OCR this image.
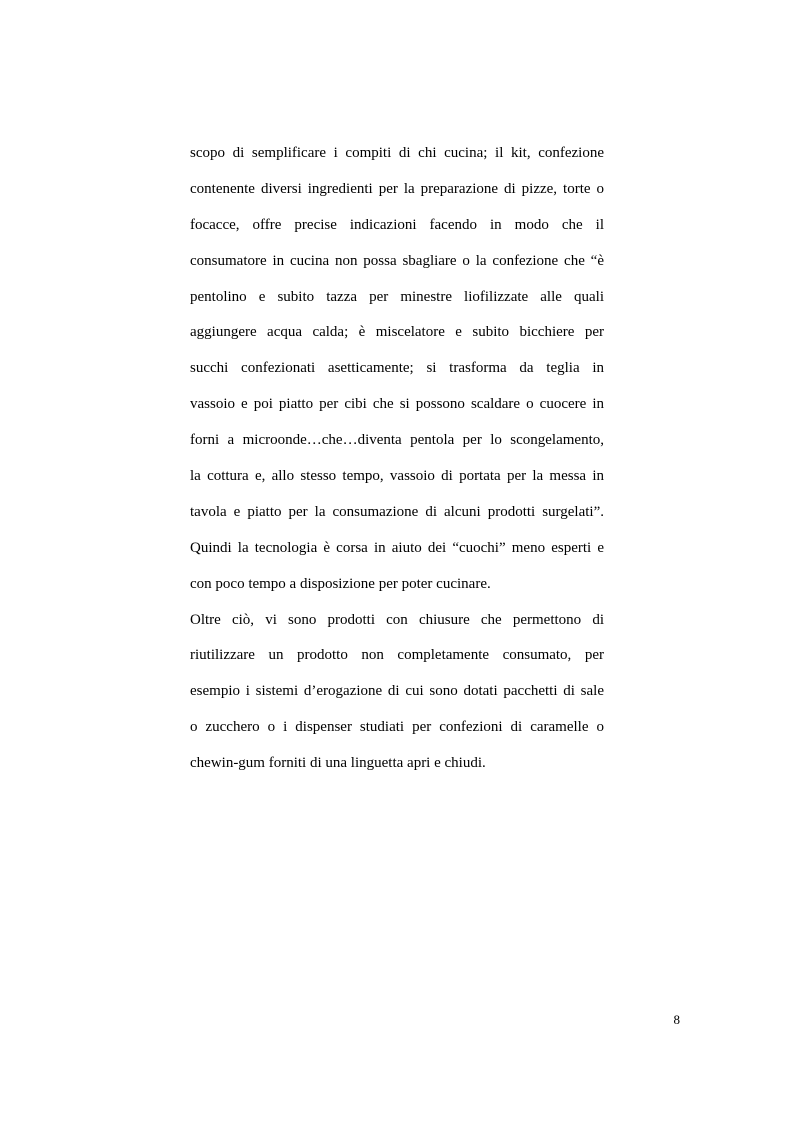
scopo di semplificare i compiti di chi cucina; il kit, confezione
contenente diversi ingredienti per la preparazione di pizze, torte o
focacce, offre precise indicazioni facendo in modo che il
consumatore in cucina non possa sbagliare o la confezione che “è
pentolino e subito tazza per minestre liofilizzate alle quali
aggiungere acqua calda; è miscelatore e subito bicchiere per
succhi confezionati asetticamente; si trasforma da teglia in
vassoio e poi piatto per cibi che si possono scaldare o cuocere in
forni a microonde…che…diventa pentola per lo scongelamento,
la cottura e, allo stesso tempo, vassoio di portata per la messa in
tavola e piatto per la consumazione di alcuni prodotti surgelati”.
Quindi la tecnologia è corsa in aiuto dei “cuochi” meno esperti e
con poco tempo a disposizione per poter cucinare.
Oltre ciò, vi sono prodotti con chiusure che permettono di
riutilizzare un prodotto non completamente consumato, per
esempio i sistemi d’erogazione di cui sono dotati pacchetti di sale
o zucchero o i dispenser studiati per confezioni di caramelle o
chewin-gum forniti di una linguetta apri e chiudi.
8
